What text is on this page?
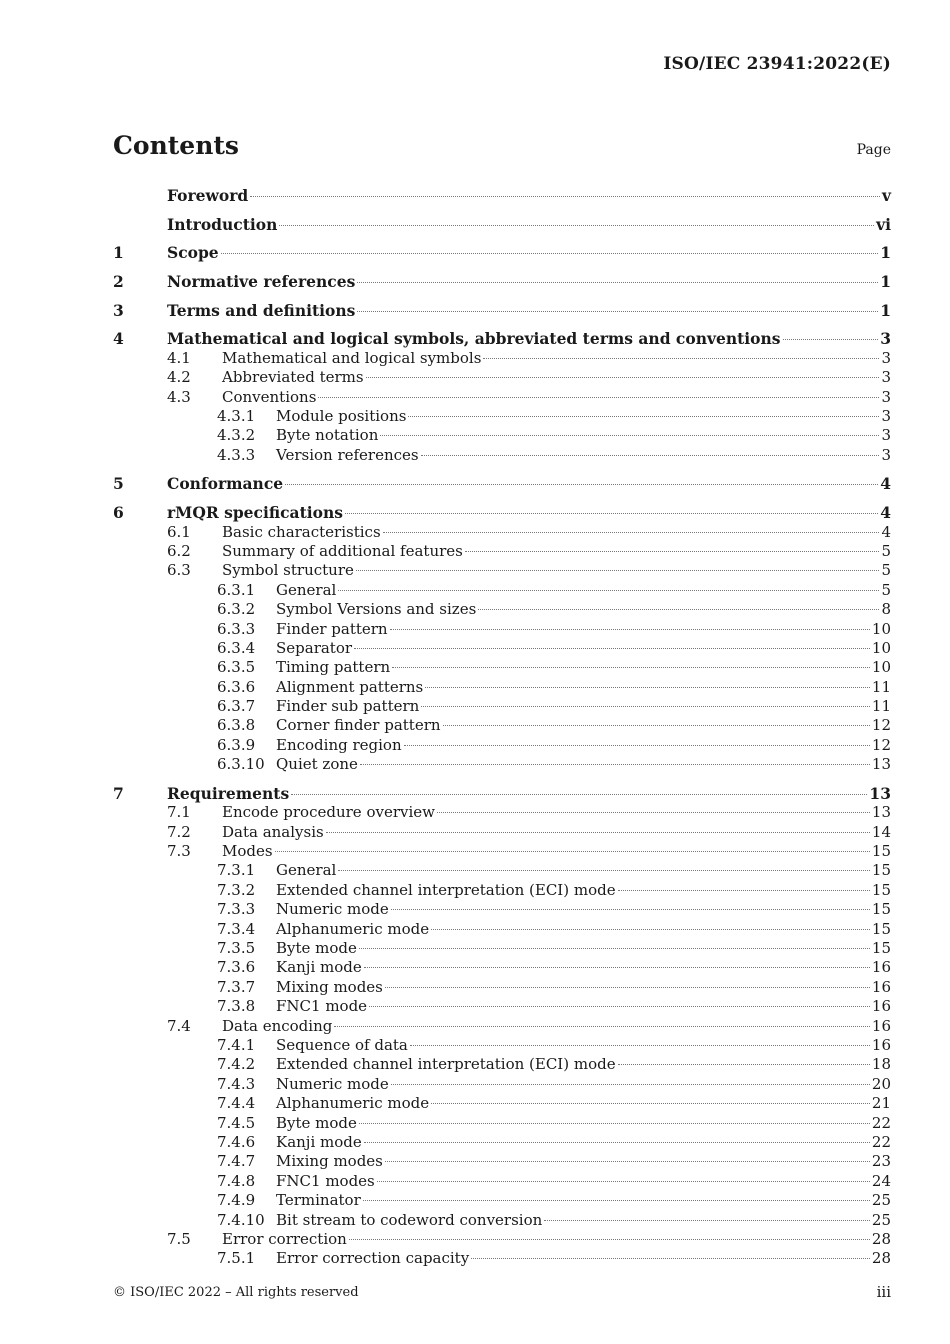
ISO/IEC 23941:2022(E)
Contents	Page
Foreword	v
Introduction	vi
1	Scope	1
2	Normative references	1
3	Terms and definitions	1
4	Mathematical and logical symbols, abbreviated terms and conventions	3
4.1	Mathematical and logical symbols	3
4.2	Abbreviated terms	3
4.3	Conventions	3
4.3.1	Module positions	3
4.3.2	Byte notation	3
4.3.3	Version references	3
5	Conformance	4
6	rMQR specifications	4
6.1	Basic characteristics	4
6.2	Summary of additional features	5
6.3	Symbol structure	5
6.3.1	General	5
6.3.2	Symbol Versions and sizes	8
6.3.3	Finder pattern	10
6.3.4	Separator	10
6.3.5	Timing pattern	10
6.3.6	Alignment patterns	11
6.3.7	Finder sub pattern	11
6.3.8	Corner finder pattern	12
6.3.9	Encoding region	12
6.3.10 Quiet zone	13
7	Requirements	13
7.1	Encode procedure overview	13
7.2	Data analysis	14
7.3	Modes	15
7.3.1	General	15
7.3.2	Extended channel interpretation (ECI) mode	15
7.3.3	Numeric mode	15
7.3.4	Alphanumeric mode	15
7.3.5	Byte mode	15
7.3.6	Kanji mode	16
7.3.7	Mixing modes	16
7.3.8	FNC1 mode	16
7.4	Data encoding	16
7.4.1	Sequence of data	16
7.4.2	Extended channel interpretation (ECI) mode	18
7.4.3	Numeric mode	20
7.4.4	Alphanumeric mode	21
7.4.5	Byte mode	22
7.4.6	Kanji mode	22
7.4.7	Mixing modes	23
7.4.8	FNC1 modes	24
7.4.9	Terminator	25
7.4.10 Bit stream to codeword conversion	25
7.5	Error correction	28
7.5.1	Error correction capacity	28
© ISO/IEC 2022 – All rights reserved	iii
